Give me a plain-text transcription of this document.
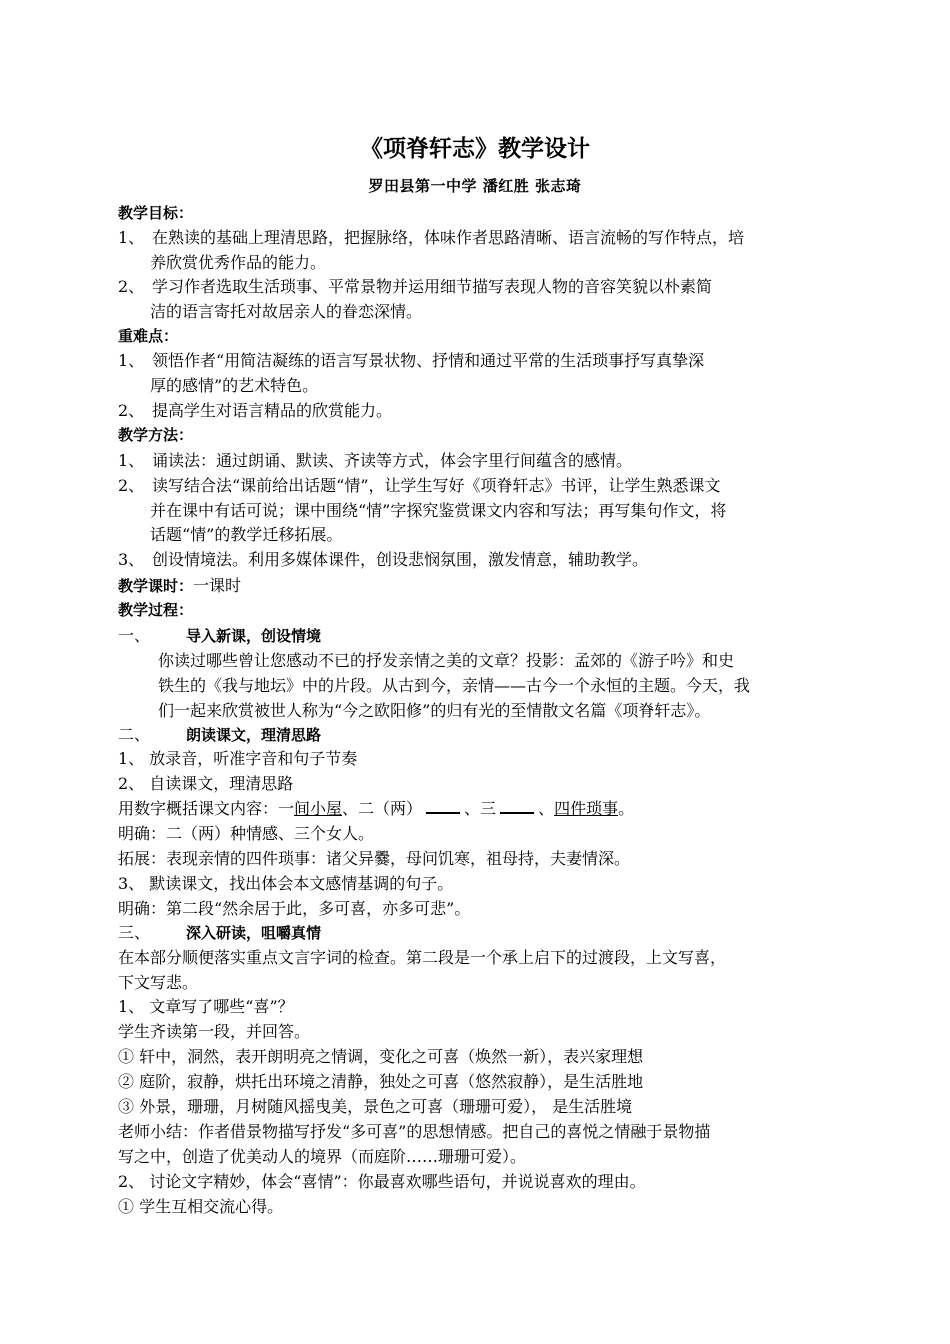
《项脊轩志》教学设计
罗田县第一中学 潘红胜 张志琦
教学目标：
1、 在熟读的基础上理清思路，把握脉络，体味作者思路清晰、语言流畅的写作特点，培
养欣赏优秀作品的能力。
2、 学习作者选取生活琐事、平常景物并运用细节描写表现人物的音容笑貌以朴素简
洁的语言寄托对故居亲人的眷恋深情。
重难点：
1、 领悟作者“用简洁凝练的语言写景状物、抒情和通过平常的生活琐事抒写真挚深
厚的感情”的艺术特色。
2、 提高学生对语言精品的欣赏能力。
教学方法：
1、 诵读法：通过朗诵、默读、齐读等方式，体会字里行间蕴含的感情。
2、 读写结合法“课前给出话题“情”，让学生写好《项脊轩志》书评，让学生熟悉课文
并在课中有话可说；课中围绕“情”字探究鉴赏课文内容和写法；再写集句作文，将
话题“情”的教学迁移拓展。
3、 创设情境法。利用多媒体课件，创设悲悯氛围，激发情意，辅助教学。
教学课时：一课时
教学过程：
一、 导入新课，创设情境
你读过哪些曾让您感动不已的抒发亲情之美的文章？投影：孟郊的《游子吟》和史
铁生的《我与地坛》中的片段。从古到今，亲情——古今一个永恒的主题。今天，我
们一起来欣赏被世人称为“今之欧阳修”的归有光的至情散文名篇《项脊轩志》。
二、 朗读课文，理清思路
1、 放录音，听准字音和句子节奏
2、 自读课文，理清思路
用数字概括课文内容：一间小屋、二（两）	、三	、四件琐事。
明确：二（两）种情感、三个女人。
拓展：表现亲情的四件琐事：诸父异爨，母问饥寒，祖母持，夫妻情深。
3、 默读课文，找出体会本文感情基调的句子。
明确：第二段“然余居于此，多可喜，亦多可悲”。
三、 深入研读，咀嚼真情
在本部分顺便落实重点文言字词的检查。第二段是一个承上启下的过渡段，上文写喜，
下文写悲。
1、 文章写了哪些“喜”？
学生齐读第一段，并回答。
① 轩中，洞然，表开朗明亮之情调，变化之可喜（焕然一新），表兴家理想
② 庭阶，寂静，烘托出环境之清静，独处之可喜（悠然寂静），是生活胜地
③ 外景，珊珊，月树随风摇曳美，景色之可喜（珊珊可爱）， 是生活胜境
老师小结：作者借景物描写抒发“多可喜”的思想情感。把自己的喜悦之情融于景物描
写之中，创造了优美动人的境界（而庭阶……珊珊可爱）。
2、 讨论文字精妙，体会“喜情”：你最喜欢哪些语句，并说说喜欢的理由。
① 学生互相交流心得。
